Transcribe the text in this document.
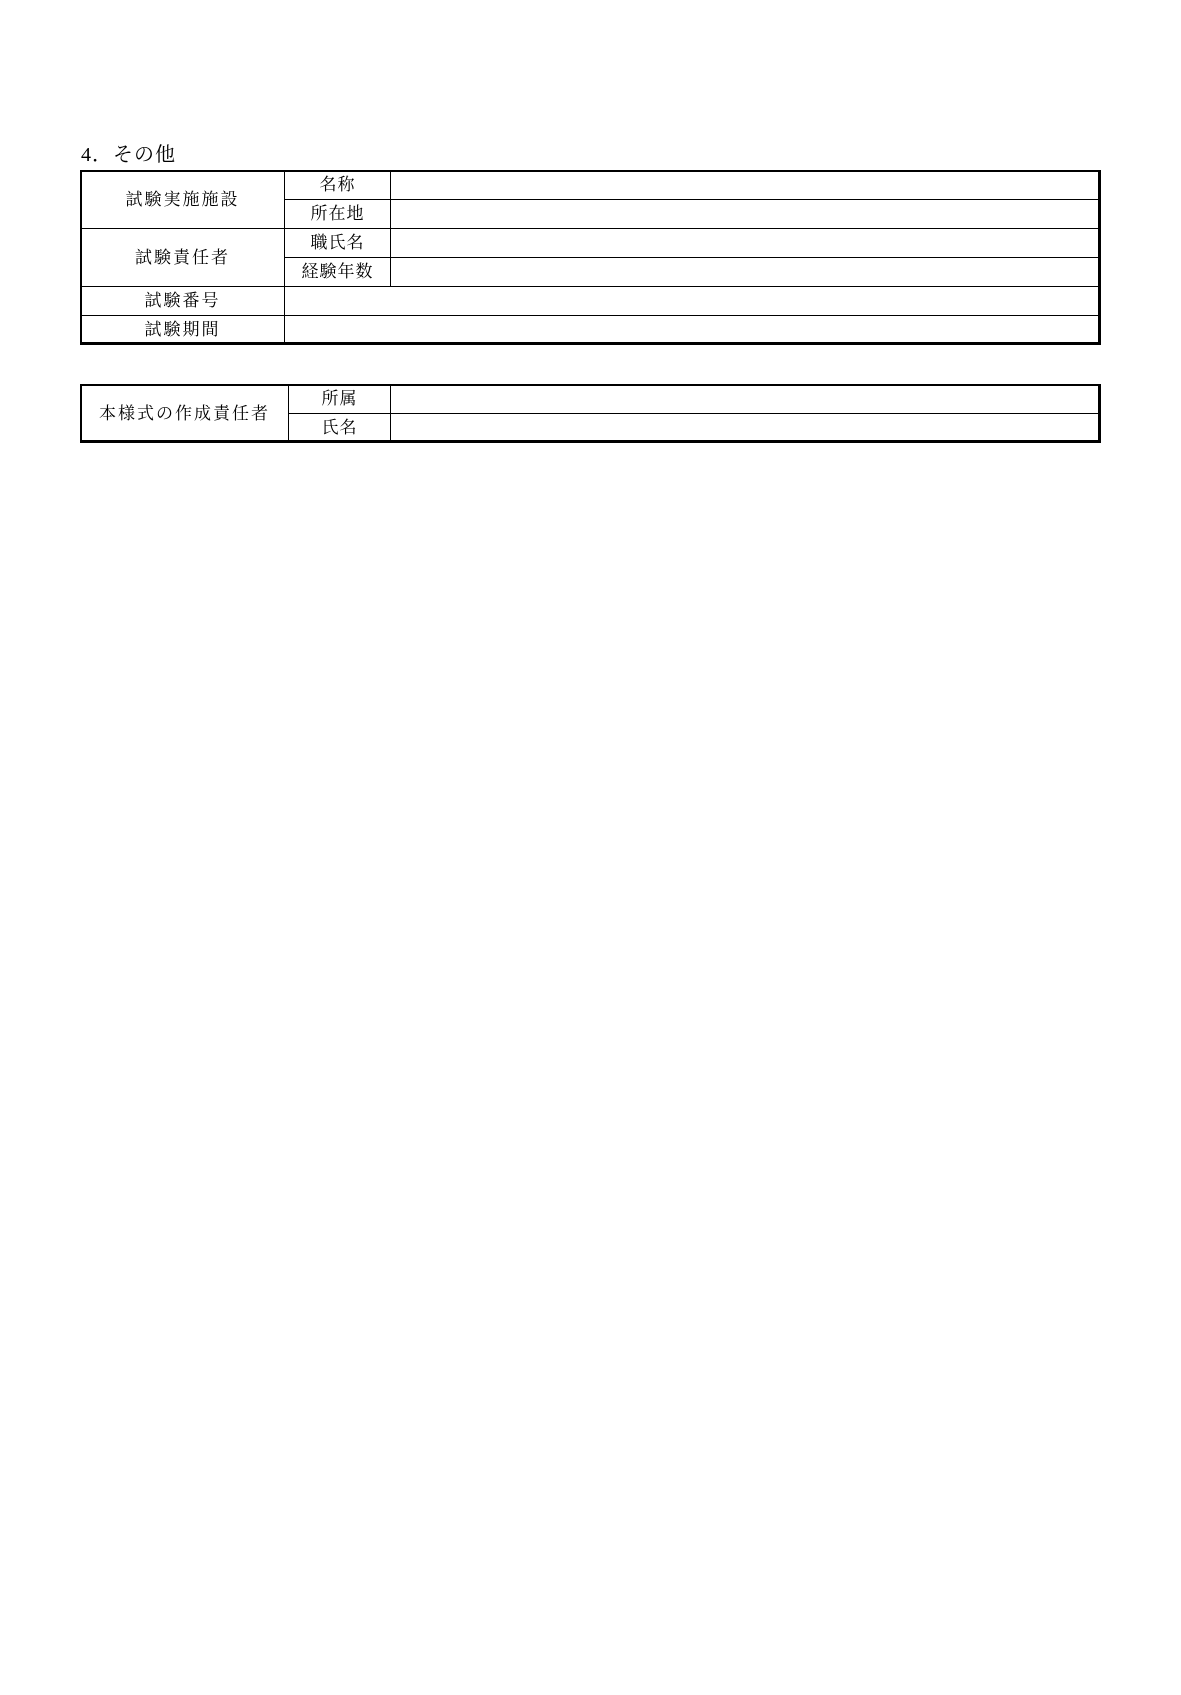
4．その他
試験実施施設	名称	
	所在地	
試験責任者	職氏名	
	経験年数	
試験番号		
試験期間		
本様式の作成責任者	所属	
	氏名	
